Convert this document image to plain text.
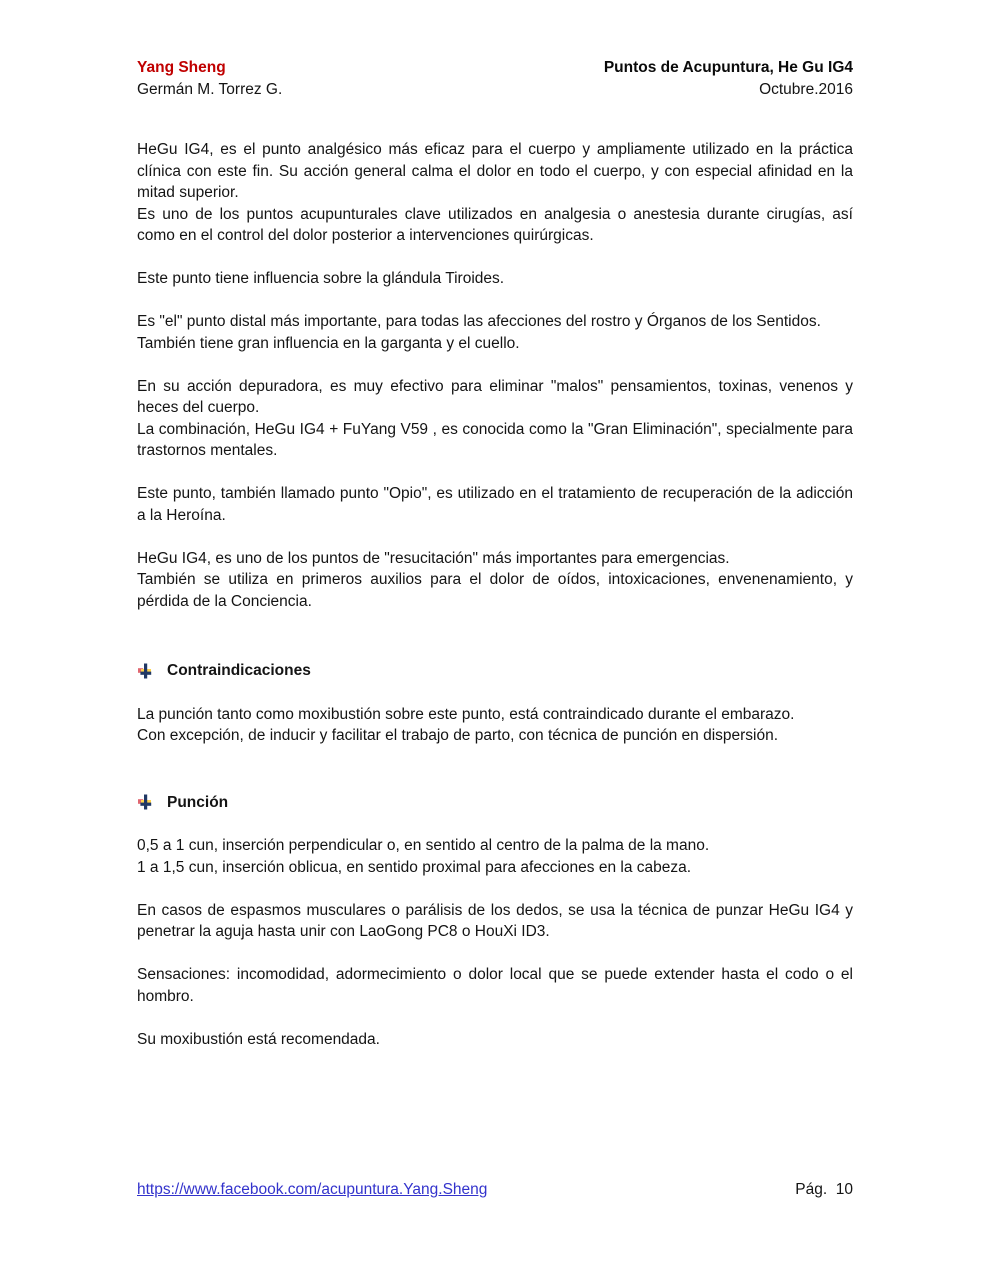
Yang Sheng
Germán M. Torrez G.
Puntos de Acupuntura, He Gu IG4
Octubre.2016

HeGu IG4, es el punto analgésico más eficaz para el cuerpo y ampliamente utilizado en la práctica clínica con este fin. Su acción general calma el dolor en todo el cuerpo, y con especial afinidad en la mitad superior.
Es uno de los puntos acupunturales clave utilizados en analgesia o anestesia durante cirugías, así como en el control del dolor posterior a intervenciones quirúrgicas.

Este punto tiene influencia sobre la glándula Tiroides.

Es "el" punto distal más importante, para todas las afecciones del rostro y Órganos de los Sentidos.
También tiene gran influencia en la garganta y el cuello.

En su acción depuradora, es muy efectivo para eliminar "malos" pensamientos, toxinas, venenos y heces del cuerpo.
La combinación, HeGu IG4 + FuYang V59 , es conocida como la "Gran Eliminación", specialmente para trastornos mentales.

Este punto, también llamado punto "Opio", es utilizado en el tratamiento de recuperación de la adicción a la Heroína.

HeGu IG4, es uno de los puntos de "resucitación" más importantes para emergencias.
También se utiliza en primeros auxilios para el dolor de oídos, intoxicaciones, envenenamiento, y pérdida de la Conciencia.

Contraindicaciones

La punción tanto como moxibustión sobre este punto, está contraindicado durante el embarazo.
Con excepción, de inducir y facilitar el trabajo de parto, con técnica de punción en dispersión.

Punción

0,5 a 1 cun, inserción perpendicular o, en sentido al centro de la palma de la mano.
1 a 1,5 cun, inserción oblicua, en sentido proximal para afecciones en la cabeza.

En casos de espasmos musculares o parálisis de los dedos, se usa la técnica de punzar HeGu IG4 y penetrar la aguja hasta unir con LaoGong PC8 o HouXi ID3.

Sensaciones: incomodidad, adormecimiento o dolor local que se puede extender hasta el codo o el hombro.

Su moxibustión está recomendada.

https://www.facebook.com/acupuntura.Yang.Sheng	Pág.  10
